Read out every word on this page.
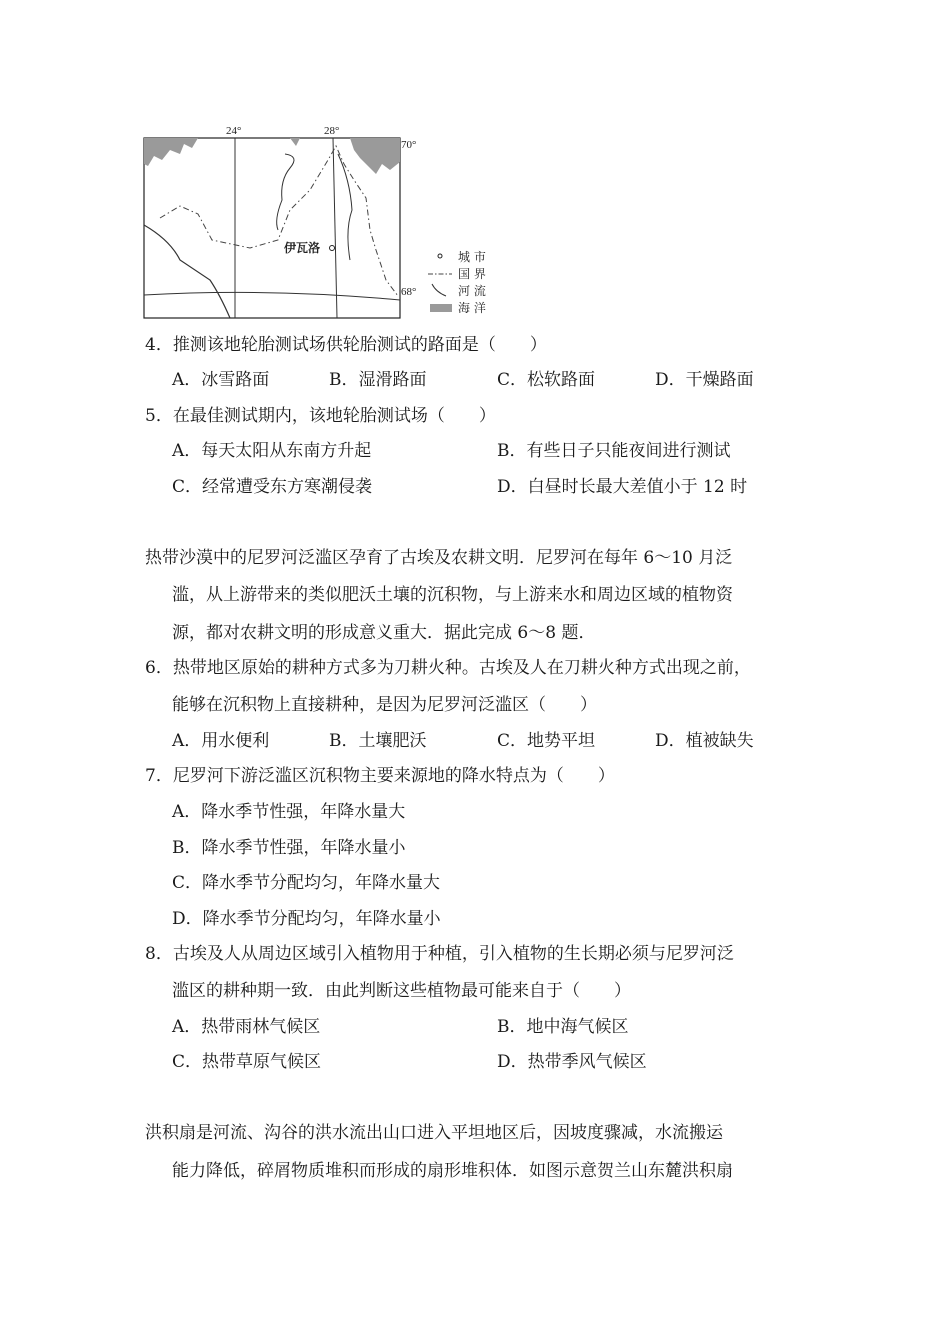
24°	28°
70°
68°
伊瓦洛
城 市
国 界
河 流
海 洋
4．推测该地轮胎测试场供轮胎测试的路面是（　　）
A．冰雪路面	B．湿滑路面	C．松软路面	D．干燥路面
5．在最佳测试期内，该地轮胎测试场（　　）
A．每天太阳从东南方升起	B．有些日子只能夜间进行测试
C．经常遭受东方寒潮侵袭	D．白昼时长最大差值小于 12 时
热带沙漠中的尼罗河泛滥区孕育了古埃及农耕文明．尼罗河在每年 6～10 月泛
滥，从上游带来的类似肥沃土壤的沉积物，与上游来水和周边区域的植物资
源，都对农耕文明的形成意义重大．据此完成 6～8 题．
6．热带地区原始的耕种方式多为刀耕火种。古埃及人在刀耕火种方式出现之前，
能够在沉积物上直接耕种，是因为尼罗河泛滥区（　　）
A．用水便利	B．土壤肥沃	C．地势平坦	D．植被缺失
7．尼罗河下游泛滥区沉积物主要来源地的降水特点为（　　）
A．降水季节性强，年降水量大
B．降水季节性强，年降水量小
C．降水季节分配均匀，年降水量大
D．降水季节分配均匀，年降水量小
8．古埃及人从周边区域引入植物用于种植，引入植物的生长期必须与尼罗河泛
滥区的耕种期一致．由此判断这些植物最可能来自于（　　）
A．热带雨林气候区	B．地中海气候区
C．热带草原气候区	D．热带季风气候区
洪积扇是河流、沟谷的洪水流出山口进入平坦地区后，因坡度骤减，水流搬运
能力降低，碎屑物质堆积而形成的扇形堆积体．如图示意贺兰山东麓洪积扇
